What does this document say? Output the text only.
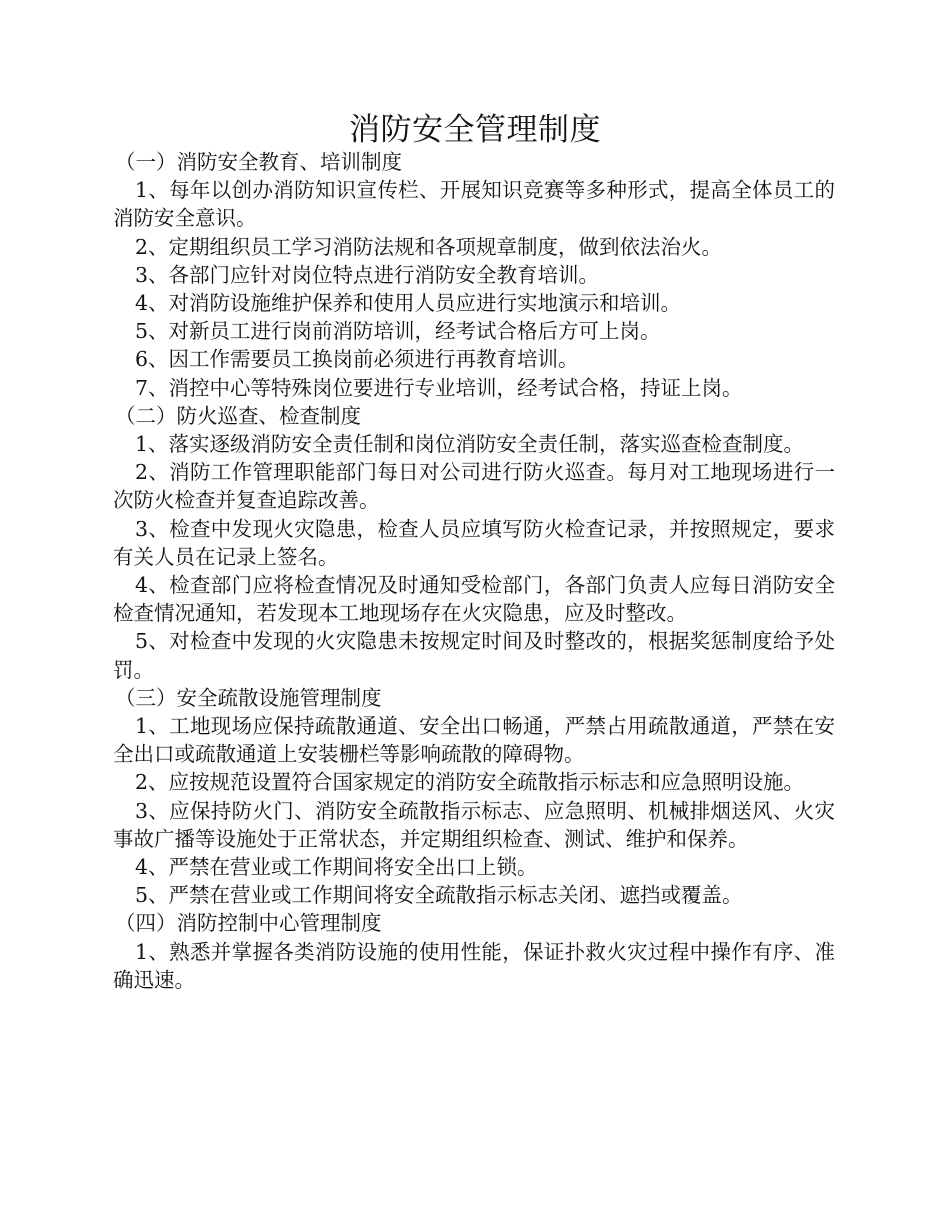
消防安全管理制度
（一）消防安全教育、培训制度

1、每年以创办消防知识宣传栏、开展知识竞赛等多种形式，提高全体员工的消防安全意识。

2、定期组织员工学习消防法规和各项规章制度，做到依法治火。

3、各部门应针对岗位特点进行消防安全教育培训。

4、对消防设施维护保养和使用人员应进行实地演示和培训。

5、对新员工进行岗前消防培训，经考试合格后方可上岗。

6、因工作需要员工换岗前必须进行再教育培训。

7、消控中心等特殊岗位要进行专业培训，经考试合格，持证上岗。

（二）防火巡查、检查制度

1、落实逐级消防安全责任制和岗位消防安全责任制，落实巡查检查制度。

2、消防工作管理职能部门每日对公司进行防火巡查。每月对工地现场进行一次防火检查并复查追踪改善。

3、检查中发现火灾隐患，检查人员应填写防火检查记录，并按照规定，要求有关人员在记录上签名。

4、检查部门应将检查情况及时通知受检部门，各部门负责人应每日消防安全检查情况通知，若发现本工地现场存在火灾隐患，应及时整改。

5、对检查中发现的火灾隐患未按规定时间及时整改的，根据奖惩制度给予处罚。

（三）安全疏散设施管理制度

1、工地现场应保持疏散通道、安全出口畅通，严禁占用疏散通道，严禁在安全出口或疏散通道上安装栅栏等影响疏散的障碍物。

2、应按规范设置符合国家规定的消防安全疏散指示标志和应急照明设施。

3、应保持防火门、消防安全疏散指示标志、应急照明、机械排烟送风、火灾事故广播等设施处于正常状态，并定期组织检查、测试、维护和保养。

4、严禁在营业或工作期间将安全出口上锁。

5、严禁在营业或工作期间将安全疏散指示标志关闭、遮挡或覆盖。

（四）消防控制中心管理制度

1、熟悉并掌握各类消防设施的使用性能，保证扑救火灾过程中操作有序、准确迅速。
